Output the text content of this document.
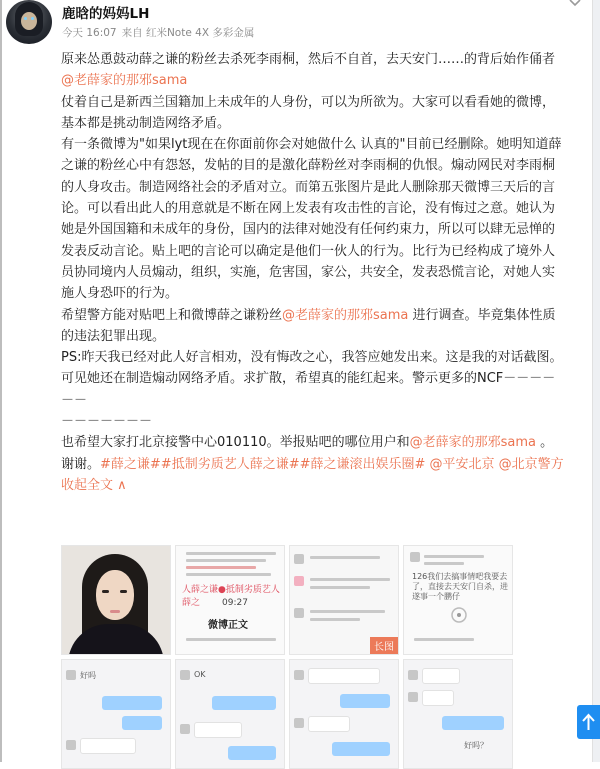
鹿晗的妈妈LH
今天 16:07 来自 红米Note 4X 多彩金属

原来怂恿鼓动薛之谦的粉丝去杀死李雨桐，然后不自首，去天安门……的背后始作俑者@老薛家的那邪sama

仗着自己是新西兰国籍加上未成年的人身份，可以为所欲为。大家可以看看她的微博，基本都是挑动制造网络矛盾。

有一条微博为"如果lyt现在在你面前你会对她做什么 认真的"目前已经删除。她明知道薛之谦的粉丝心中有怨怒，发帖的目的是激化薛粉丝对李雨桐的仇恨。煽动网民对李雨桐的人身攻击。制造网络社会的矛盾对立。而第五张图片是此人删除那天微博三天后的言论。可以看出此人的用意就是不断在网上发表有攻击性的言论，没有悔过之意。她认为她是外国国籍和未成年的身份，国内的法律对她没有任何约束力，所以可以肆无忌惮的发表反动言论。贴上吧的言论可以确定是他们一伙人的行为。比行为已经构成了境外人员协同境内人员煽动，组织，实施，危害国，家公，共安全，发表恐慌言论，对她人实施人身恐吓的行为。

希望警方能对贴吧上和微博薛之谦粉丝@老薛家的那邪sama 进行调查。毕竟集体性质的违法犯罪出现。

PS:昨天我已经对此人好言相劝，没有悔改之心，我答应她发出来。这是我的对话截图。可见她还在制造煽动网络矛盾。求扩散，希望真的能红起来。警示更多的NCF－－－－－－

－－－－－－－

也希望大家打北京接警中心010110。举报贴吧的哪位用户和@老薛家的那邪sama 。

谢谢。#薛之谦##抵制劣质艺人薛之谦##薛之谦滚出娱乐圈# @平安北京 @北京警方 收起全文 ∧

人薛之谦●抵制劣质艺人薛之	09:27
微博正文
长图
126我们去搞事情吧我要去了，直接去天安门自杀，进遂事一个鹏仔
好吗	OK
好吗？
